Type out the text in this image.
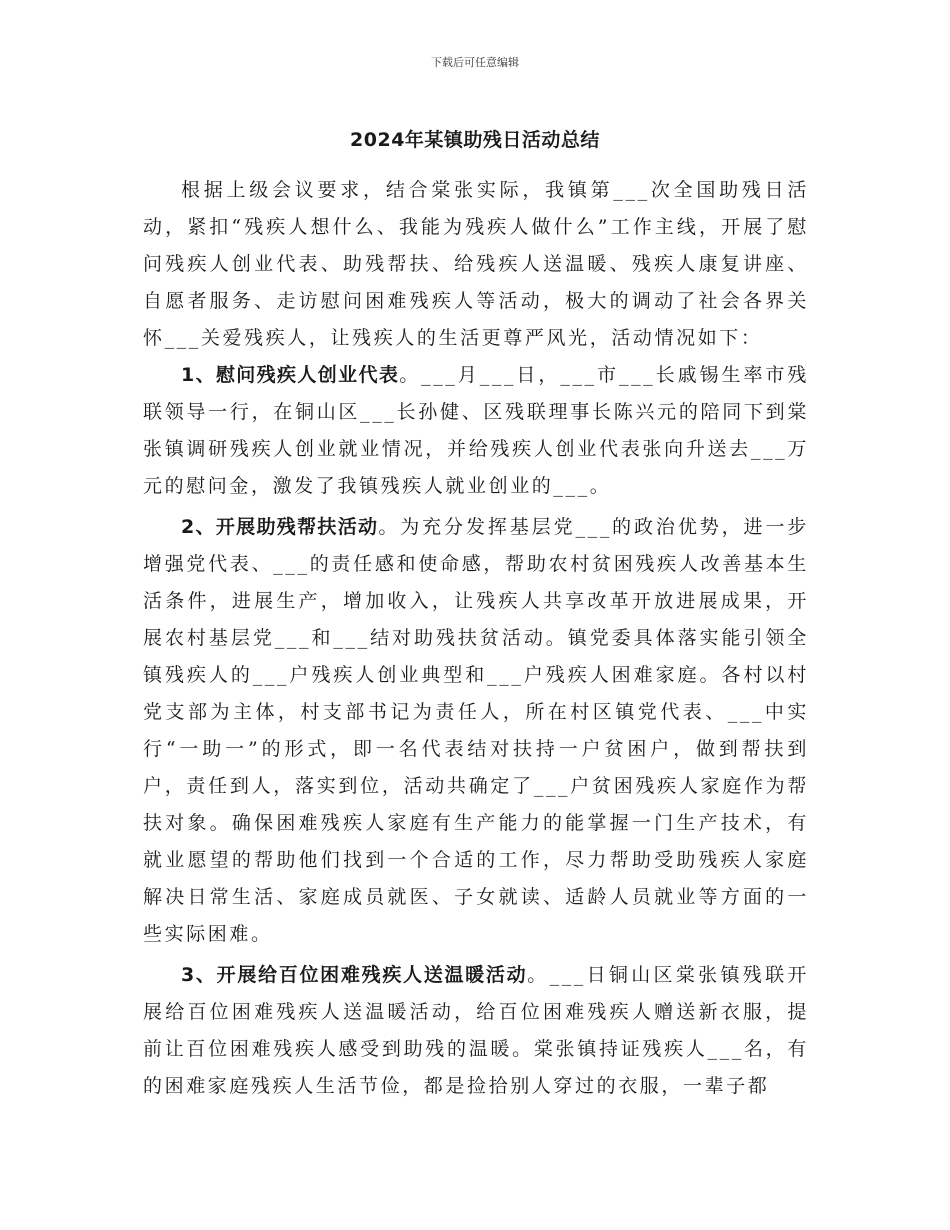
下载后可任意编辑
2024年某镇助残日活动总结

根据上级会议要求，结合棠张实际，我镇第___次全国助残日活动，紧扣“残疾人想什么、我能为残疾人做什么”工作主线，开展了慰问残疾人创业代表、助残帮扶、给残疾人送温暖、残疾人康复讲座、自愿者服务、走访慰问困难残疾人等活动，极大的调动了社会各界关怀___关爱残疾人，让残疾人的生活更尊严风光，活动情况如下：

1、慰问残疾人创业代表。___月___日，___市___长戚锡生率市残联领导一行，在铜山区___长孙健、区残联理事长陈兴元的陪同下到棠张镇调研残疾人创业就业情况，并给残疾人创业代表张向升送去___万元的慰问金，激发了我镇残疾人就业创业的___。

2、开展助残帮扶活动。为充分发挥基层党___的政治优势，进一步增强党代表、___的责任感和使命感，帮助农村贫困残疾人改善基本生活条件，进展生产，增加收入，让残疾人共享改革开放进展成果，开展农村基层党___和___结对助残扶贫活动。镇党委具体落实能引领全镇残疾人的___户残疾人创业典型和___户残疾人困难家庭。各村以村党支部为主体，村支部书记为责任人，所在村区镇党代表、___中实行“一助一”的形式，即一名代表结对扶持一户贫困户，做到帮扶到户，责任到人，落实到位，活动共确定了___户贫困残疾人家庭作为帮扶对象。确保困难残疾人家庭有生产能力的能掌握一门生产技术，有就业愿望的帮助他们找到一个合适的工作，尽力帮助受助残疾人家庭解决日常生活、家庭成员就医、子女就读、适龄人员就业等方面的一些实际困难。

3、开展给百位困难残疾人送温暖活动。___日铜山区棠张镇残联开展给百位困难残疾人送温暖活动，给百位困难残疾人赠送新衣服，提前让百位困难残疾人感受到助残的温暖。棠张镇持证残疾人___名，有的困难家庭残疾人生活节俭，都是捡拾别人穿过的衣服，一辈子都
